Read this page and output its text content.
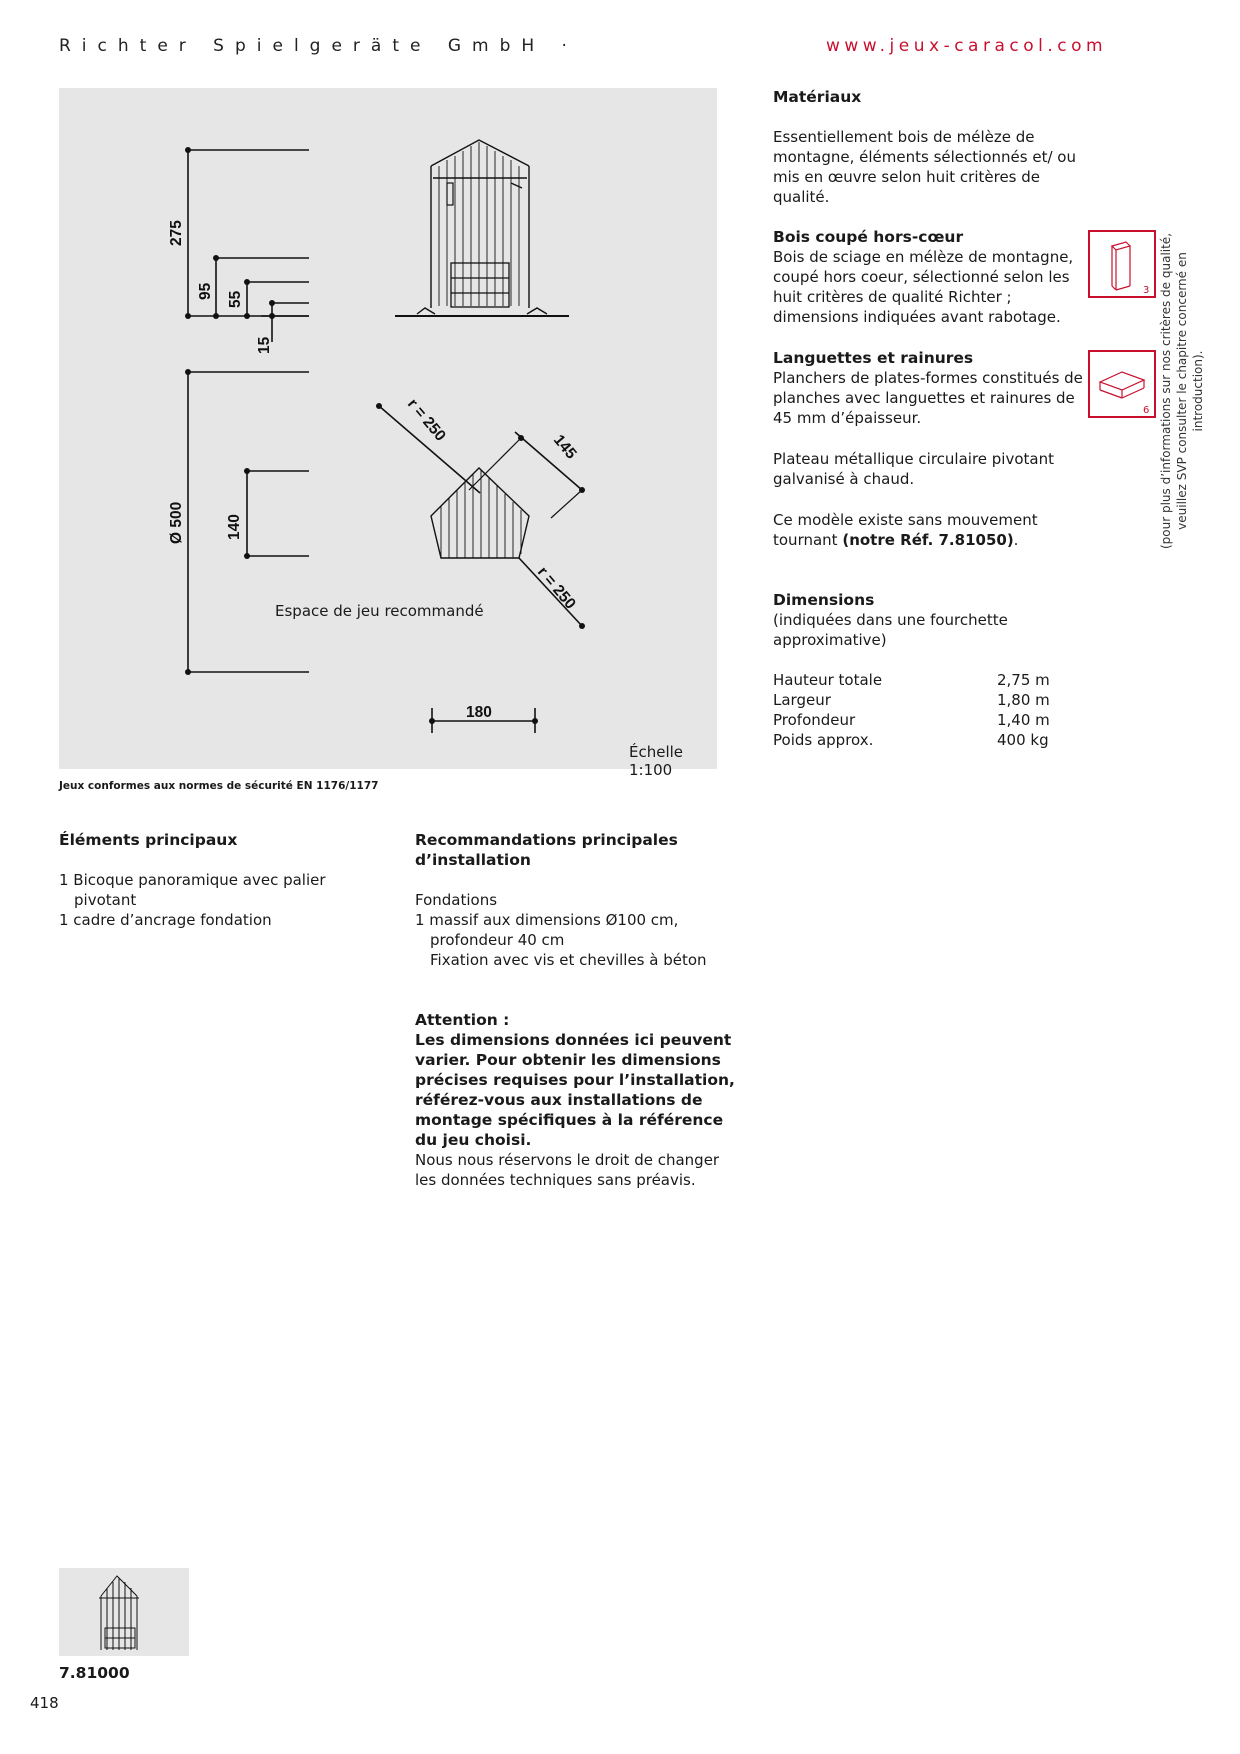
Richter Spielgeräte GmbH ·	www.jeux-caracol.com
275
95 55
15
Ø 500	140
r = 250
145
r = 250
180
Espace de jeu recommandé
Échelle 1:100
Jeux conformes aux normes de sécurité EN 1176/1177
Matériaux

Essentiellement bois de mélèze de montagne, éléments sélectionnés et/ ou mis en œuvre selon huit critères de qualité.

Bois coupé hors-cœur

Bois de sciage en mélèze de montagne, coupé hors coeur, sélectionné selon les huit critères de qualité Richter ; dimensions indiquées avant rabotage.

3
Languettes et rainures

Planchers de plates-formes constitués de planches avec languettes et rainures de 45 mm d’épaisseur.	6
Plateau métallique circulaire pivotant galvanisé à chaud.
Ce modèle existe sans mouvement tournant (notre Réf. 7.81050).
Dimensions
(indiquées dans une fourchette approximative)
Hauteur totale	2,75 m
Largeur	1,80 m
Profondeur	1,40 m
Poids approx.	400 kg
(pour plus d’informations sur nos critères de qualité, veuillez SVP consulter le chapitre concerné en introduction).
Éléments principaux
1 Bicoque panoramique avec palier
pivotant
1 cadre d’ancrage fondation
Recommandations principales
d’installation
Fondations
1 massif aux dimensions Ø100 cm,
profondeur 40 cm
Fixation avec vis et chevilles à béton
Attention :
Les dimensions données ici peuvent varier. Pour obtenir les dimensions précises requises pour l’installation, référez-vous aux installations de montage spécifiques à la référence du jeu choisi.
Nous nous réservons le droit de changer les données techniques sans préavis.
7.81000
418
